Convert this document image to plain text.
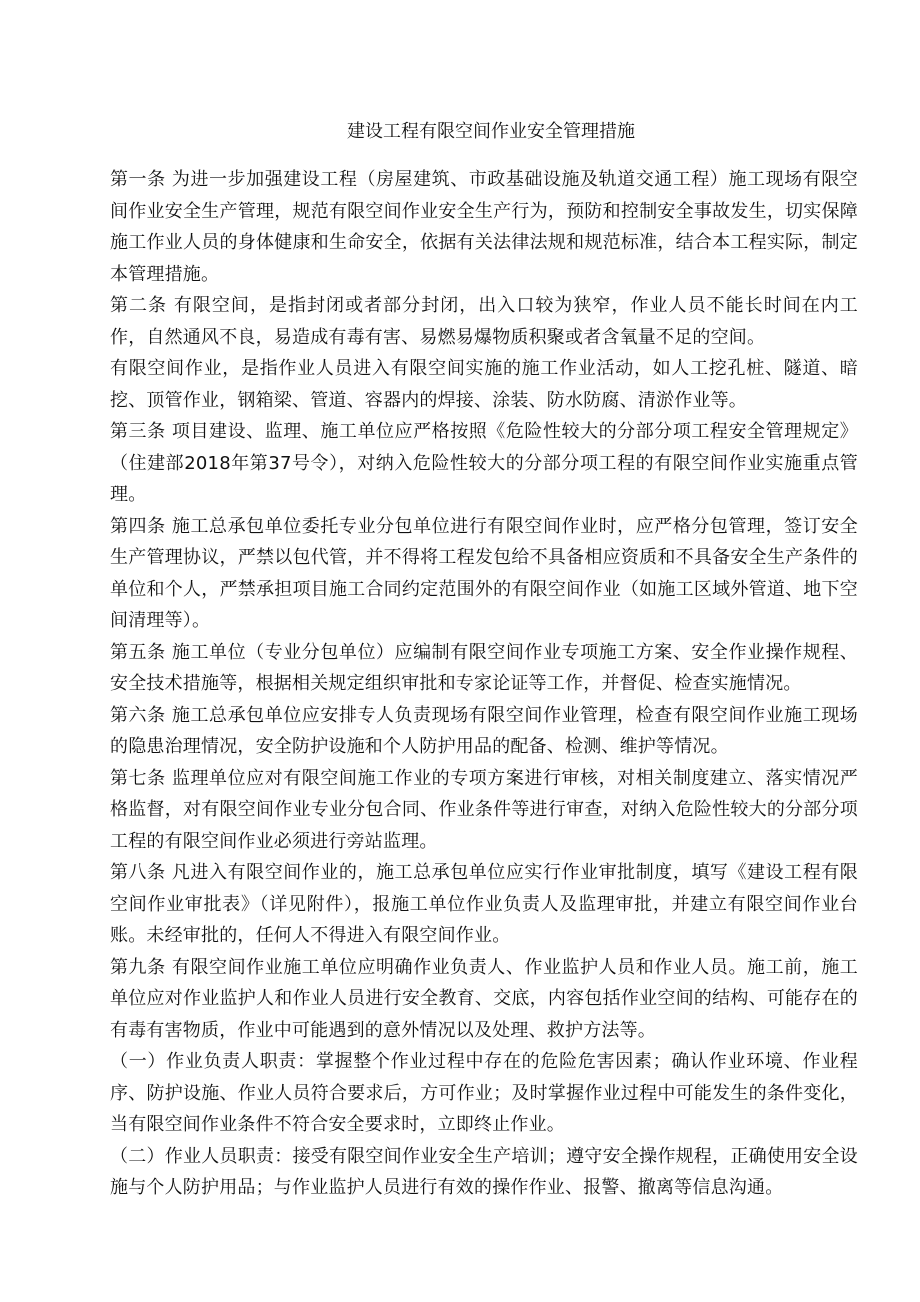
建设工程有限空间作业安全管理措施

第一条 为进一步加强建设工程（房屋建筑、市政基础设施及轨道交通工程）施工现场有限空间作业安全生产管理，规范有限空间作业安全生产行为，预防和控制安全事故发生，切实保障施工作业人员的身体健康和生命安全，依据有关法律法规和规范标准，结合本工程实际，制定本管理措施。

第二条 有限空间，是指封闭或者部分封闭，出入口较为狭窄，作业人员不能长时间在内工作，自然通风不良，易造成有毒有害、易燃易爆物质积聚或者含氧量不足的空间。

有限空间作业，是指作业人员进入有限空间实施的施工作业活动，如人工挖孔桩、隧道、暗挖、顶管作业，钢箱梁、管道、容器内的焊接、涂装、防水防腐、清淤作业等。

第三条 项目建设、监理、施工单位应严格按照《危险性较大的分部分项工程安全管理规定》（住建部2018年第37号令），对纳入危险性较大的分部分项工程的有限空间作业实施重点管理。

第四条 施工总承包单位委托专业分包单位进行有限空间作业时，应严格分包管理，签订安全生产管理协议，严禁以包代管，并不得将工程发包给不具备相应资质和不具备安全生产条件的单位和个人，严禁承担项目施工合同约定范围外的有限空间作业（如施工区域外管道、地下空间清理等）。

第五条 施工单位（专业分包单位）应编制有限空间作业专项施工方案、安全作业操作规程、安全技术措施等，根据相关规定组织审批和专家论证等工作，并督促、检查实施情况。

第六条 施工总承包单位应安排专人负责现场有限空间作业管理，检查有限空间作业施工现场的隐患治理情况，安全防护设施和个人防护用品的配备、检测、维护等情况。

第七条 监理单位应对有限空间施工作业的专项方案进行审核，对相关制度建立、落实情况严格监督，对有限空间作业专业分包合同、作业条件等进行审查，对纳入危险性较大的分部分项工程的有限空间作业必须进行旁站监理。

第八条 凡进入有限空间作业的，施工总承包单位应实行作业审批制度，填写《建设工程有限空间作业审批表》（详见附件），报施工单位作业负责人及监理审批，并建立有限空间作业台账。未经审批的，任何人不得进入有限空间作业。

第九条 有限空间作业施工单位应明确作业负责人、作业监护人员和作业人员。施工前，施工单位应对作业监护人和作业人员进行安全教育、交底，内容包括作业空间的结构、可能存在的有毒有害物质，作业中可能遇到的意外情况以及处理、救护方法等。

（一）作业负责人职责：掌握整个作业过程中存在的危险危害因素；确认作业环境、作业程序、防护设施、作业人员符合要求后，方可作业；及时掌握作业过程中可能发生的条件变化，当有限空间作业条件不符合安全要求时，立即终止作业。

（二）作业人员职责：接受有限空间作业安全生产培训；遵守安全操作规程，正确使用安全设施与个人防护用品；与作业监护人员进行有效的操作作业、报警、撤离等信息沟通。
